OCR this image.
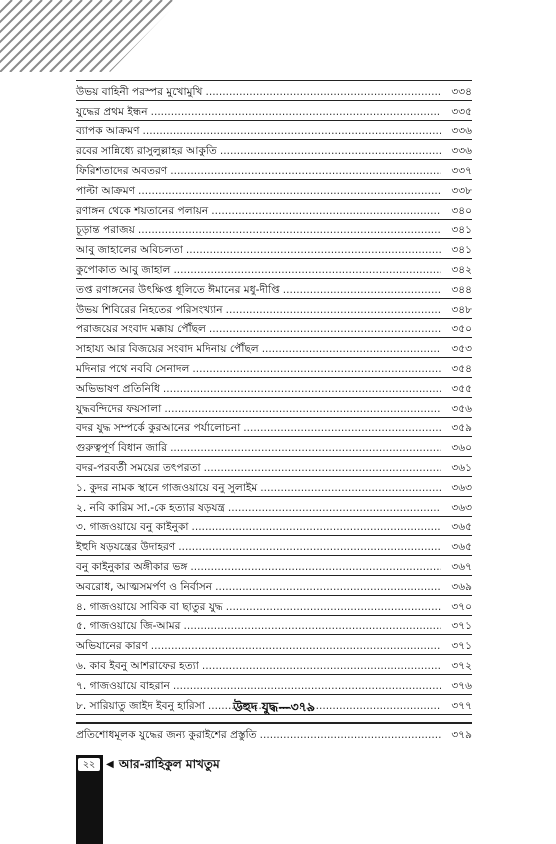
উভয় বাহিনী পরস্পর মুখোমুখি .....	৩৩৪
যুদ্ধের প্রথম ইন্ধন .....	৩৩৫
ব্যাপক আক্রমণ .....	৩৩৬
রবের সান্নিধ্যে রাসুলুল্লাহর আকুতি .....	৩৩৬
ফিরিশতাদের অবতরণ .....	৩৩৭
পাল্টা আক্রমণ .....	৩৩৮
রণাঙ্গন থেকে শয়তানের পলায়ন .....	৩৪০
চূড়ান্ত পরাজয় .....	৩৪১
আবু জাহালের অবিচলতা .....	৩৪১
কুপোকাত আবু জাহাল .....	৩৪২
তপ্ত রণাঙ্গনের উৎক্ষিপ্ত ধূলিতে ঈমানের মধু-দীপ্তি .....	৩৪৪
উভয় শিবিরের নিহতের পরিসংখ্যান .....	৩৪৮
পরাজয়ের সংবাদ মক্কায় পৌঁছল .....	৩৫০
সাহায্য আর বিজয়ের সংবাদ মদিনায় পৌঁছল .....	৩৫৩
মদিনার পথে নববি সেনাদল .....	৩৫৪
অভিভাষণ প্রতিনিধি .....	৩৫৫
যুদ্ধবন্দিদের ফয়সালা .....	৩৫৬
বদর যুদ্ধ সম্পর্কে কুরআনের পর্যালোচনা .....	৩৫৯
গুরুত্বপূর্ণ বিধান জারি .....	৩৬০
বদর-পরবর্তী সময়ের তৎপরতা .....	৩৬১
১. কুদর নামক স্থানে গাজওয়ায়ে বনু সুলাইম .....	৩৬৩
২. নবি কারিম সা.-কে হত্যার ষড়যন্ত্র .....	৩৬৩
৩. গাজওয়ায়ে বনু কাইনুকা .....	৩৬৫
ইহুদি ষড়যন্ত্রের উদাহরণ .....	৩৬৫
বনু কাইনুকার অঙ্গীকার ভঙ্গ .....	৩৬৭
অবরোধ, আত্মসমর্পণ ও নির্বাসন .....	৩৬৯
৪. গাজওয়ায়ে সাবিক বা ছাতুর যুদ্ধ .....	৩৭০
৫. গাজওয়ায়ে জি-আমর .....	৩৭১
অভিযানের কারণ .....	৩৭১
৬. কাব ইবনু আশরাফের হত্যা .....	৩৭২
৭. গাজওয়ায়ে বাহরান .....	৩৭৬
৮. সারিয়াতু জাইদ ইবনু হারিসা .....	৩৭৭
উহুদ যুদ্ধ—৩৭৯
প্রতিশোধমূলক যুদ্ধের জন্য কুরাইশের প্রস্তুতি .....	৩৭৯
২২	◀ আর-রাহিকুল মাখতুম
